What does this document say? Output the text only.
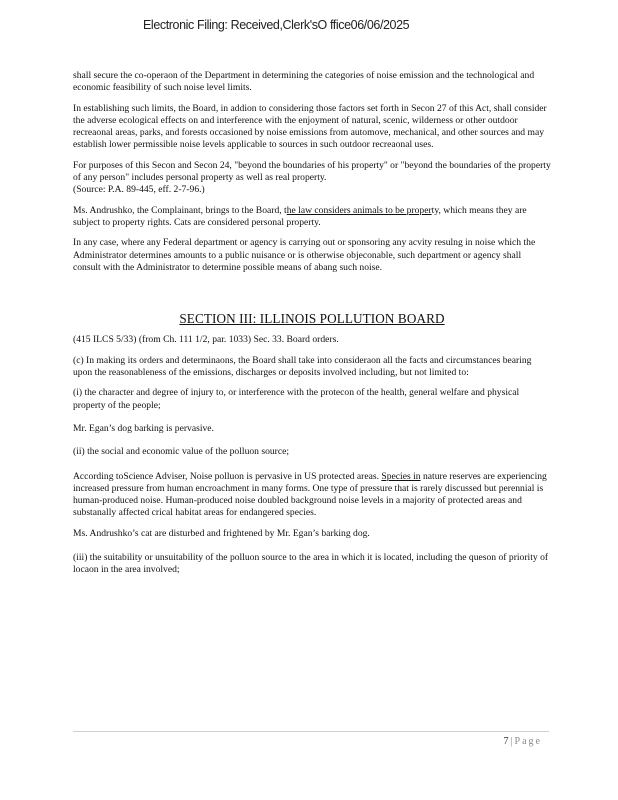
Electronic Filing: Received,Clerk'sO ffice06/06/2025

shall secure the co-operaon of the Department in determining the categories of noise emission and the technological and economic feasibility of such noise level limits.

In establishing such limits, the Board, in addion to considering those factors set forth in Secon 27 of this Act, shall consider the adverse ecological effects on and interference with the enjoyment of natural, scenic, wilderness or other outdoor recreaonal areas, parks, and forests occasioned by noise emissions from automove, mechanical, and other sources and may establish lower permissible noise levels applicable to sources in such outdoor recreaonal uses.

For purposes of this Secon and Secon 24, "beyond the boundaries of his property" or "beyond the boundaries of the property of any person" includes personal property as well as real property.

(Source: P.A. 89-445, eff. 2-7-96.)

Ms. Andrushko, the Complainant, brings to the Board, the law considers animals to be property, which means they are subject to property rights. Cats are considered personal property.

In any case, where any Federal department or agency is carrying out or sponsoring any acvity resulng in noise which the Administrator determines amounts to a public nuisance or is otherwise objeconable, such department or agency shall consult with the Administrator to determine possible means of abang such noise.

SECTION III: ILLINOIS POLLUTION BOARD

(415 ILCS 5/33) (from Ch. 111 1/2, par. 1033) Sec. 33. Board orders.

(c) In making its orders and determinaons, the Board shall take into consideraon all the facts and circumstances bearing upon the reasonableness of the emissions, discharges or deposits involved including, but not limited to:

(i) the character and degree of injury to, or interference with the protecon of the health, general welfare and physical property of the people;

Mr. Egan’s dog barking is pervasive.

(ii) the social and economic value of the polluon source;

According toScience Adviser, Noise polluon is pervasive in US protected areas. Species in nature reserves are experiencing increased pressure from human encroachment in many forms. One type of pressure that is rarely discussed but perennial is human-produced noise. Human-produced noise doubled background noise levels in a majority of protected areas and substanally affected crical habitat areas for endangered species.

Ms. Andrushko’s cat are disturbed and frightened by Mr. Egan’s barking dog.

(iii) the suitability or unsuitability of the polluon source to the area in which it is located, including the queson of priority of locaon in the area involved;

7 | Page
